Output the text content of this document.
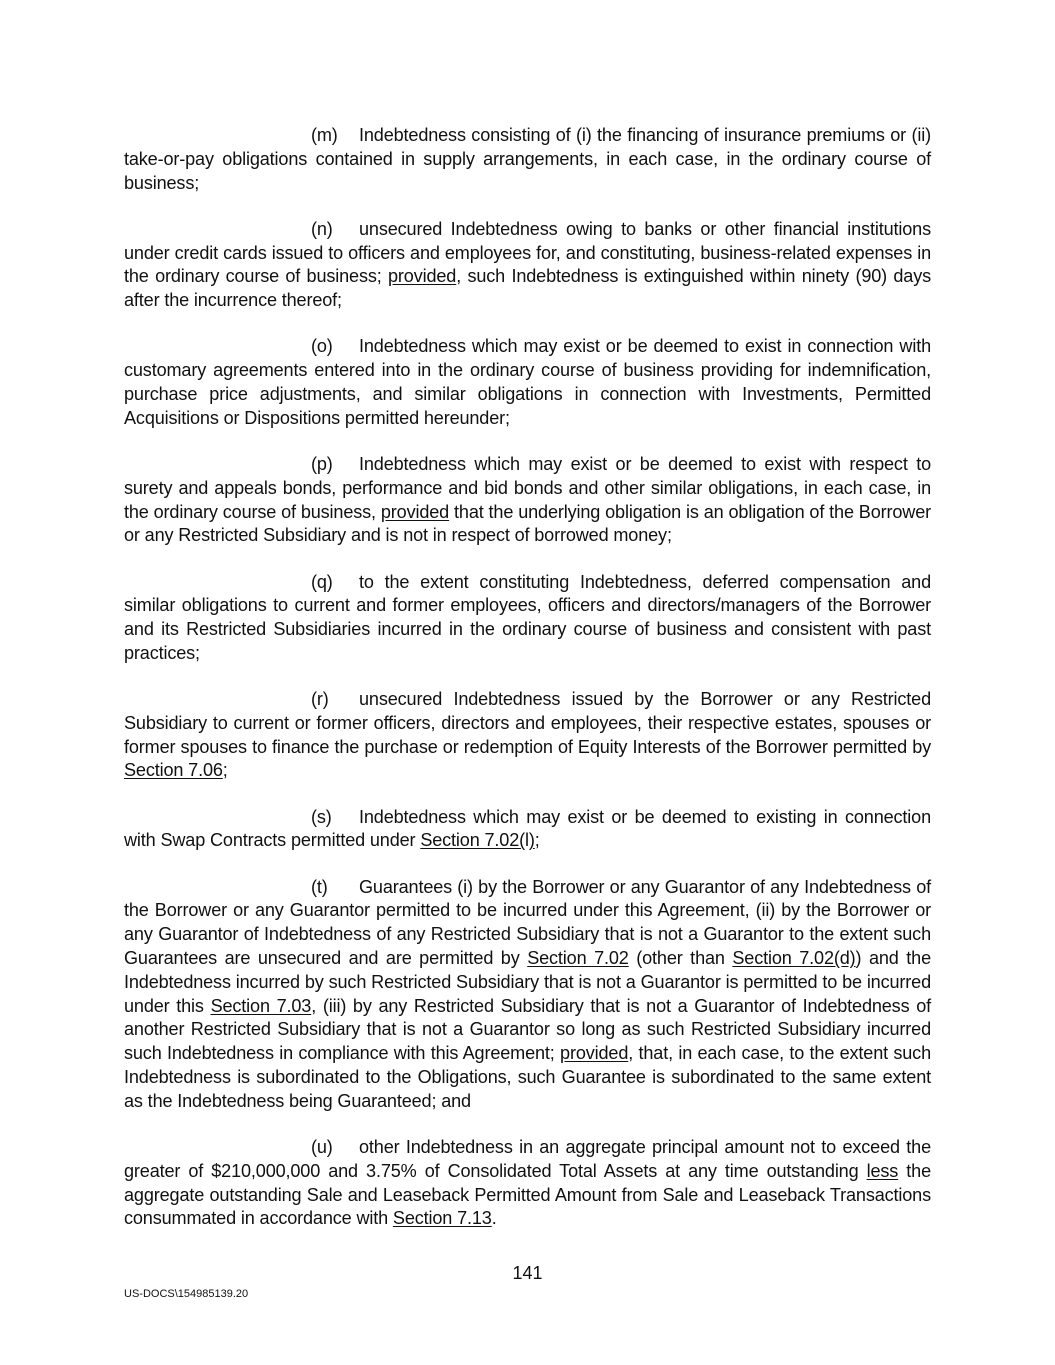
(m) Indebtedness consisting of (i) the financing of insurance premiums or (ii) take-or-pay obligations contained in supply arrangements, in each case, in the ordinary course of business;

(n) unsecured Indebtedness owing to banks or other financial institutions under credit cards issued to officers and employees for, and constituting, business-related expenses in the ordinary course of business; provided, such Indebtedness is extinguished within ninety (90) days after the incurrence thereof;

(o) Indebtedness which may exist or be deemed to exist in connection with customary agreements entered into in the ordinary course of business providing for indemnification, purchase price adjustments, and similar obligations in connection with Investments, Permitted Acquisitions or Dispositions permitted hereunder;

(p) Indebtedness which may exist or be deemed to exist with respect to surety and appeals bonds, performance and bid bonds and other similar obligations, in each case, in the ordinary course of business, provided that the underlying obligation is an obligation of the Borrower or any Restricted Subsidiary and is not in respect of borrowed money;

(q) to the extent constituting Indebtedness, deferred compensation and similar obligations to current and former employees, officers and directors/managers of the Borrower and its Restricted Subsidiaries incurred in the ordinary course of business and consistent with past practices;

(r) unsecured Indebtedness issued by the Borrower or any Restricted Subsidiary to current or former officers, directors and employees, their respective estates, spouses or former spouses to finance the purchase or redemption of Equity Interests of the Borrower permitted by Section 7.06;

(s) Indebtedness which may exist or be deemed to existing in connection with Swap Contracts permitted under Section 7.02(l);

(t) Guarantees (i) by the Borrower or any Guarantor of any Indebtedness of the Borrower or any Guarantor permitted to be incurred under this Agreement, (ii) by the Borrower or any Guarantor of Indebtedness of any Restricted Subsidiary that is not a Guarantor to the extent such Guarantees are unsecured and are permitted by Section 7.02 (other than Section 7.02(d)) and the Indebtedness incurred by such Restricted Subsidiary that is not a Guarantor is permitted to be incurred under this Section 7.03, (iii) by any Restricted Subsidiary that is not a Guarantor of Indebtedness of another Restricted Subsidiary that is not a Guarantor so long as such Restricted Subsidiary incurred such Indebtedness in compliance with this Agreement; provided, that, in each case, to the extent such Indebtedness is subordinated to the Obligations, such Guarantee is subordinated to the same extent as the Indebtedness being Guaranteed; and

(u) other Indebtedness in an aggregate principal amount not to exceed the greater of $210,000,000 and 3.75% of Consolidated Total Assets at any time outstanding less the aggregate outstanding Sale and Leaseback Permitted Amount from Sale and Leaseback Transactions consummated in accordance with Section 7.13.

141
US-DOCS\154985139.20
